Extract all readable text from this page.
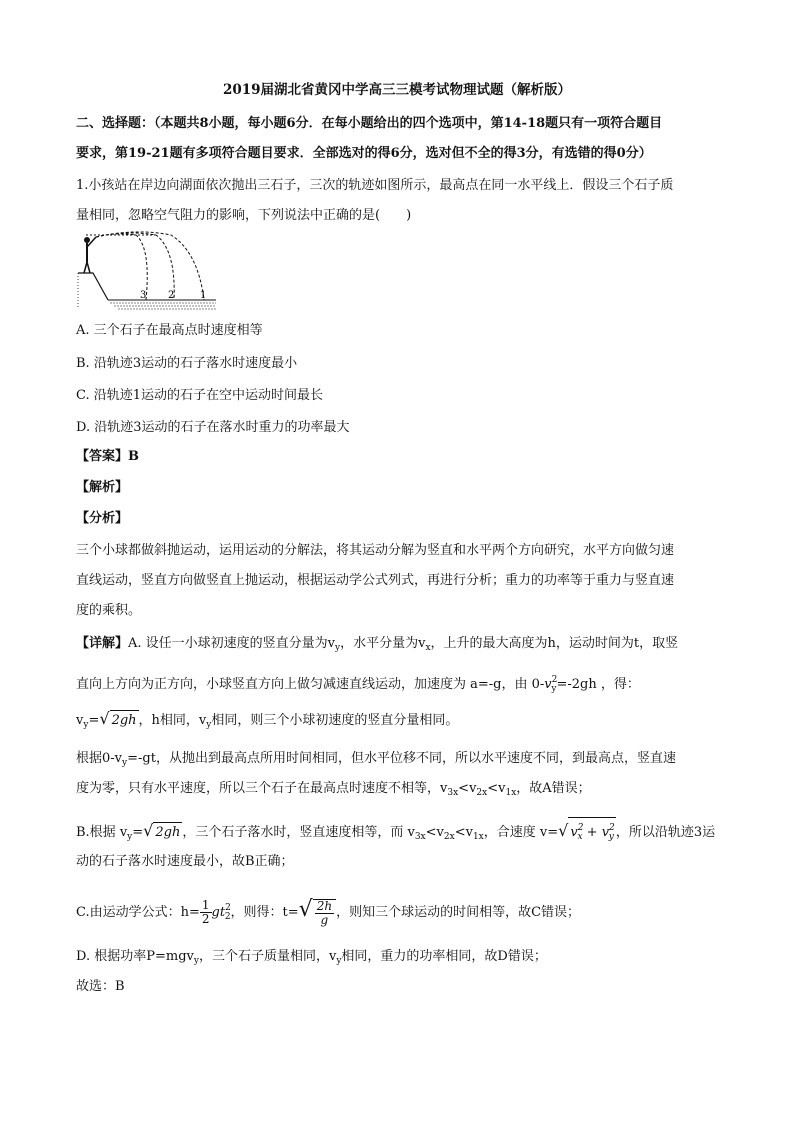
2019届湖北省黄冈中学高三三模考试物理试题（解析版）
二、选择题：（本题共8小题，每小题6分．在每小题给出的四个选项中，第14-18题只有一项符合题目
要求，第19-21题有多项符合题目要求．全部选对的得6分，选对但不全的得3分，有选错的得0分）
1.小孩站在岸边向湖面依次抛出三石子，三次的轨迹如图所示，最高点在同一水平线上．假设三个石子质
量相同，忽略空气阻力的影响，下列说法中正确的是(　　)
3 2	1
A. 三个石子在最高点时速度相等
B. 沿轨迹3运动的石子落水时速度最小
C. 沿轨迹1运动的石子在空中运动时间最长
D. 沿轨迹3运动的石子在落水时重力的功率最大
【答案】B
【解析】
【分析】
三个小球都做斜抛运动，运用运动的分解法，将其运动分解为竖直和水平两个方向研究，水平方向做匀速
直线运动，竖直方向做竖直上抛运动，根据运动学公式列式，再进行分析；重力的功率等于重力与竖直速
度的乘积。
【详解】A. 设任一小球初速度的竖直分量为$v_y$，水平分量为$v_x$，上升的最大高度为h，运动时间为t，取竖
直向上方向为正方向，小球竖直方向上做匀减速直线运动，加速度为 a=-g，由 $0-v^2_y=-2gh$ ，得：
$v_y=√$ 2gh ，h相同，$v_y$相同，则三个小球初速度的竖直分量相同。
根据$0-v_y=-gt$，从抛出到最高点所用时间相同，但水平位移不同，所以水平速度不同，到最高点，竖直速
度为零，只有水平速度，所以三个石子在最高点时速度不相等，$v_{3x}<v_{2x}<v_{1x}$，故A错误；
B.根据 $v_y=√$ 2gh ，三个石子落水时，竖直速度相等，而 $v_{3x}<v_{2x}<v_{1x}$，合速度 v=√ $v^2_x + v^2_y$ ，所以沿轨迹3运
动的石子落水时速度最小，故B正确；
C.由运动学公式：$h= \frac{1}{2} gt^2_2$，则得：$t=√ \frac{2h}{g}$ ，则知三个球运动的时间相等，故C错误；
D. 根据功率P=mgv$_y$，三个石子质量相同，$v_y$相同，重力的功率相同，故D错误；
故选：B
